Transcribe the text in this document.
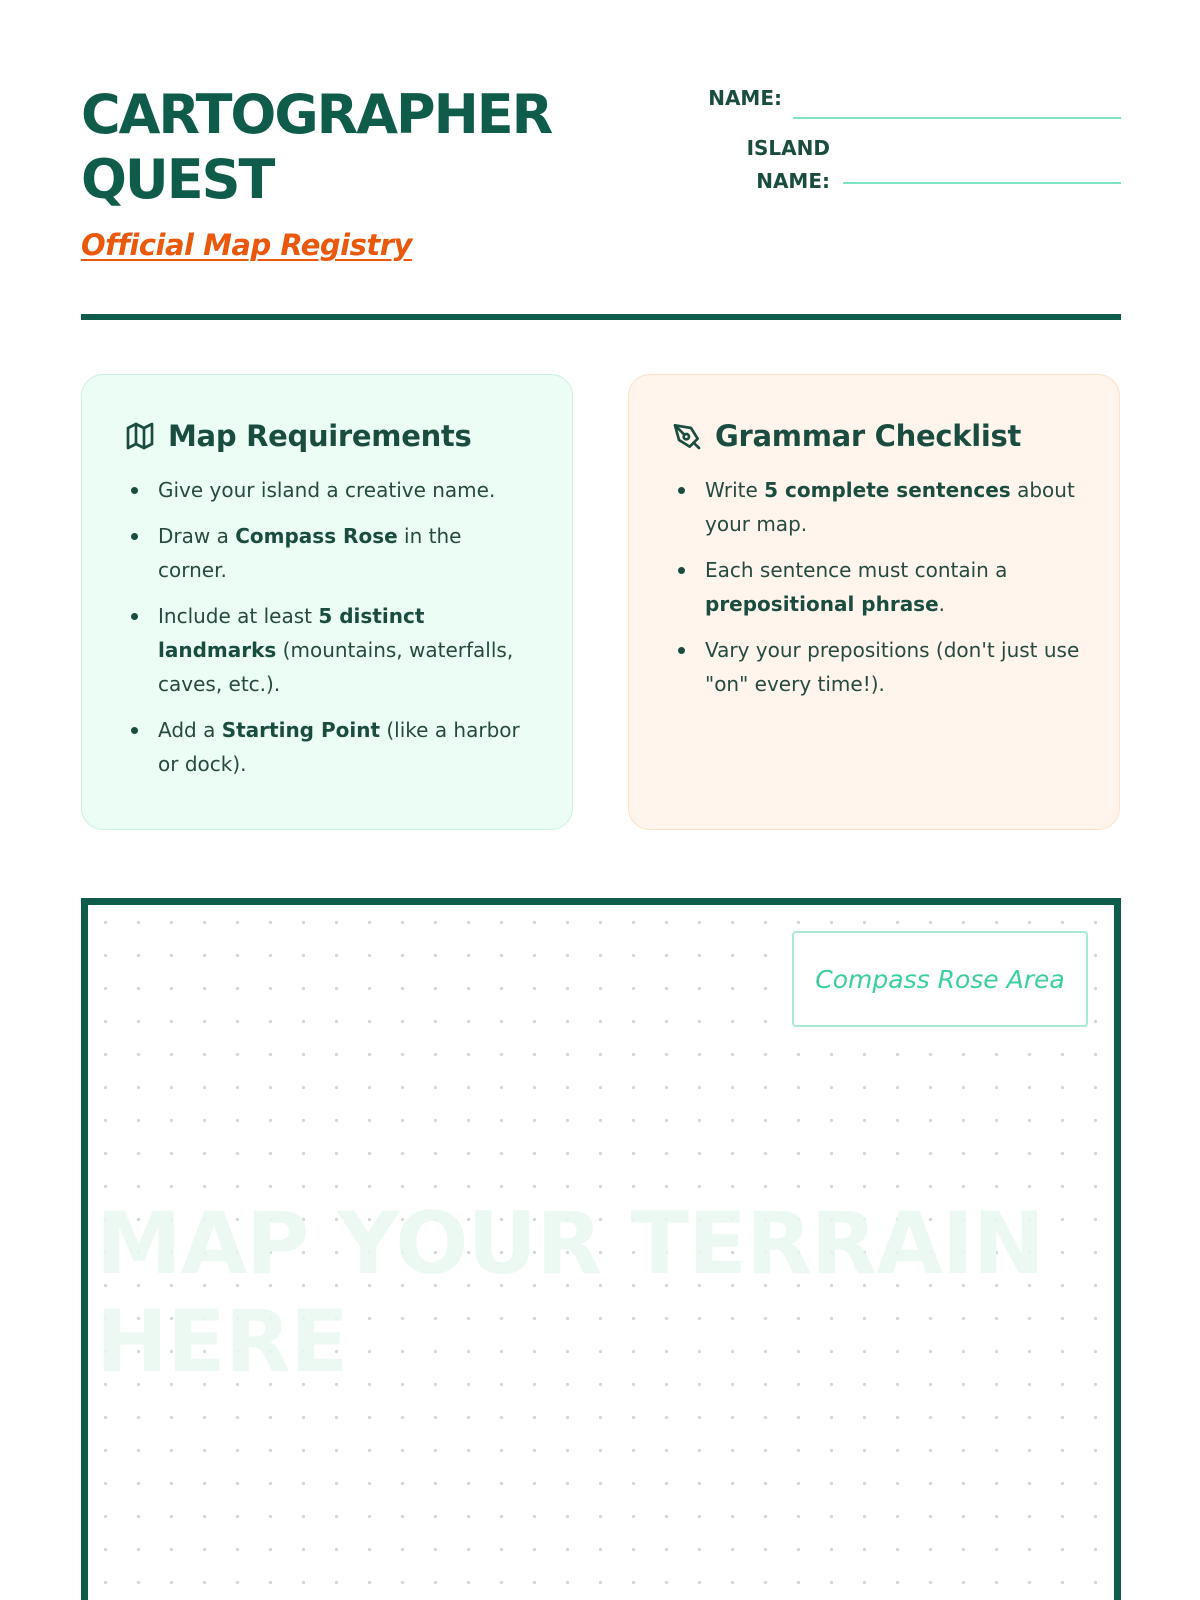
CARTOGRAPHER
QUEST
Official Map Registry
NAME:
ISLAND
NAME:
Map Requirements
Give your island a creative name.
Draw a Compass Rose in the corner.
Include at least 5 distinct landmarks (mountains, waterfalls, caves, etc.).
Add a Starting Point (like a harbor or dock).
Grammar Checklist
Write 5 complete sentences about your map.
Each sentence must contain a prepositional phrase.
Vary your prepositions (don't just use "on" every time!).

MAP YOUR TERRAIN HERE

Compass Rose Area
